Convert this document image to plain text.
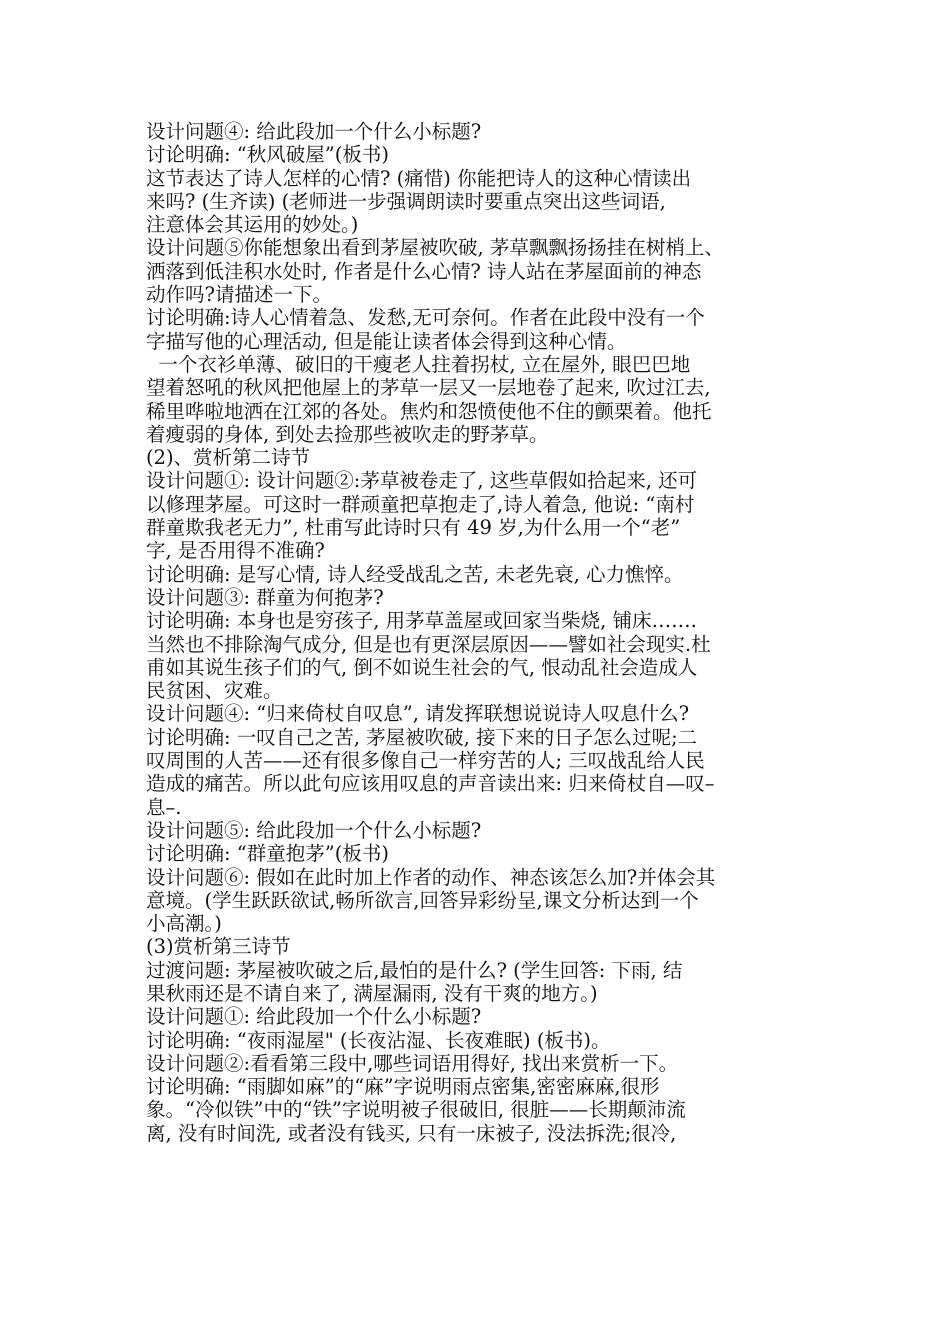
设计问题④: 给此段加一个什么小标题?
讨论明确: “秋风破屋”(板书)
这节表达了诗人怎样的心情? (痛惜) 你能把诗人的这种心情读出
来吗? (生齐读) (老师进一步强调朗读时要重点突出这些词语,
注意体会其运用的妙处。)
设计问题⑤你能想象出看到茅屋被吹破, 茅草飘飘扬扬挂在树梢上、
洒落到低洼积水处时, 作者是什么心情? 诗人站在茅屋面前的神态
动作吗?请描述一下。
讨论明确:诗人心情着急、发愁,无可奈何。作者在此段中没有一个
字描写他的心理活动, 但是能让读者体会得到这种心情。
一个衣衫单薄、破旧的干瘦老人拄着拐杖, 立在屋外, 眼巴巴地
望着怒吼的秋风把他屋上的茅草一层又一层地卷了起来, 吹过江去,
稀里哗啦地洒在江郊的各处。焦灼和怨愤使他不住的颤栗着。他托
着瘦弱的身体, 到处去捡那些被吹走的野茅草。
(2)、赏析第二诗节
设计问题①: 设计问题②:茅草被卷走了, 这些草假如拾起来, 还可
以修理茅屋。可这时一群顽童把草抱走了,诗人着急, 他说: “南村
群童欺我老无力”, 杜甫写此诗时只有 49 岁,为什么用一个“老”
字, 是否用得不准确?
讨论明确: 是写心情, 诗人经受战乱之苦, 未老先衰, 心力憔悴。
设计问题③: 群童为何抱茅?
讨论明确: 本身也是穷孩子, 用茅草盖屋或回家当柴烧, 铺床…….
当然也不排除淘气成分, 但是也有更深层原因——譬如社会现实.杜
甫如其说生孩子们的气, 倒不如说生社会的气, 恨动乱社会造成人
民贫困、灾难。
设计问题④: “归来倚杖自叹息”, 请发挥联想说说诗人叹息什么?
讨论明确: 一叹自己之苦, 茅屋被吹破, 接下来的日子怎么过呢;二
叹周围的人苦——还有很多像自己一样穷苦的人; 三叹战乱给人民
造成的痛苦。所以此句应该用叹息的声音读出来: 归来倚杖自—叹–
息–.
设计问题⑤: 给此段加一个什么小标题?
讨论明确: “群童抱茅”(板书)
设计问题⑥: 假如在此时加上作者的动作、神态该怎么加?并体会其
意境。(学生跃跃欲试,畅所欲言,回答异彩纷呈,课文分析达到一个
小高潮。)
(3)赏析第三诗节
过渡问题: 茅屋被吹破之后,最怕的是什么? (学生回答: 下雨, 结
果秋雨还是不请自来了, 满屋漏雨, 没有干爽的地方。)
设计问题①: 给此段加一个什么小标题?
讨论明确: “夜雨湿屋" (长夜沾湿、长夜难眠) (板书)。
设计问题②:看看第三段中,哪些词语用得好, 找出来赏析一下。
讨论明确: “雨脚如麻”的“麻”字说明雨点密集,密密麻麻,很形
象。“冷似铁”中的“铁”字说明被子很破旧, 很脏——长期颠沛流
离, 没有时间洗, 或者没有钱买, 只有一床被子, 没法拆洗;很冷,
